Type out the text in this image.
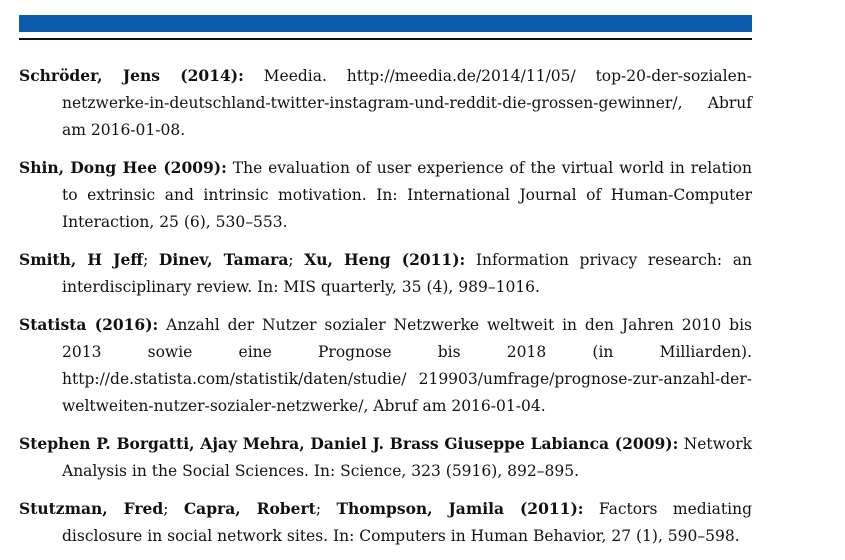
Schröder, Jens (2014): Meedia. http://meedia.de/2014/11/05/ top-20-der-sozialen-netzwerke-in-deutschland-twitter-instagram-und-reddit-die-grossen-gewinner/, Abruf am 2016-01-08.

Shin, Dong Hee (2009): The evaluation of user experience of the virtual world in relation to extrinsic and intrinsic motivation. In: International Journal of Human-Computer Interaction, 25 (6), 530–553.

Smith, H Jeff; Dinev, Tamara; Xu, Heng (2011): Information privacy research: an interdisciplinary review. In: MIS quarterly, 35 (4), 989–1016.

Statista (2016): Anzahl der Nutzer sozialer Netzwerke weltweit in den Jahren 2010 bis 2013 sowie eine Prognose bis 2018 (in Milliarden). http://de.statista.com/statistik/daten/studie/ 219903/umfrage/prognose-zur-anzahl-der-weltweiten-nutzer-sozialer-netzwerke/, Abruf am 2016-01-04.

Stephen P. Borgatti, Ajay Mehra, Daniel J. Brass Giuseppe Labianca (2009): Network Analysis in the Social Sciences. In: Science, 323 (5916), 892–895.

Stutzman, Fred; Capra, Robert; Thompson, Jamila (2011): Factors mediating disclosure in social network sites. In: Computers in Human Behavior, 27 (1), 590–598.
